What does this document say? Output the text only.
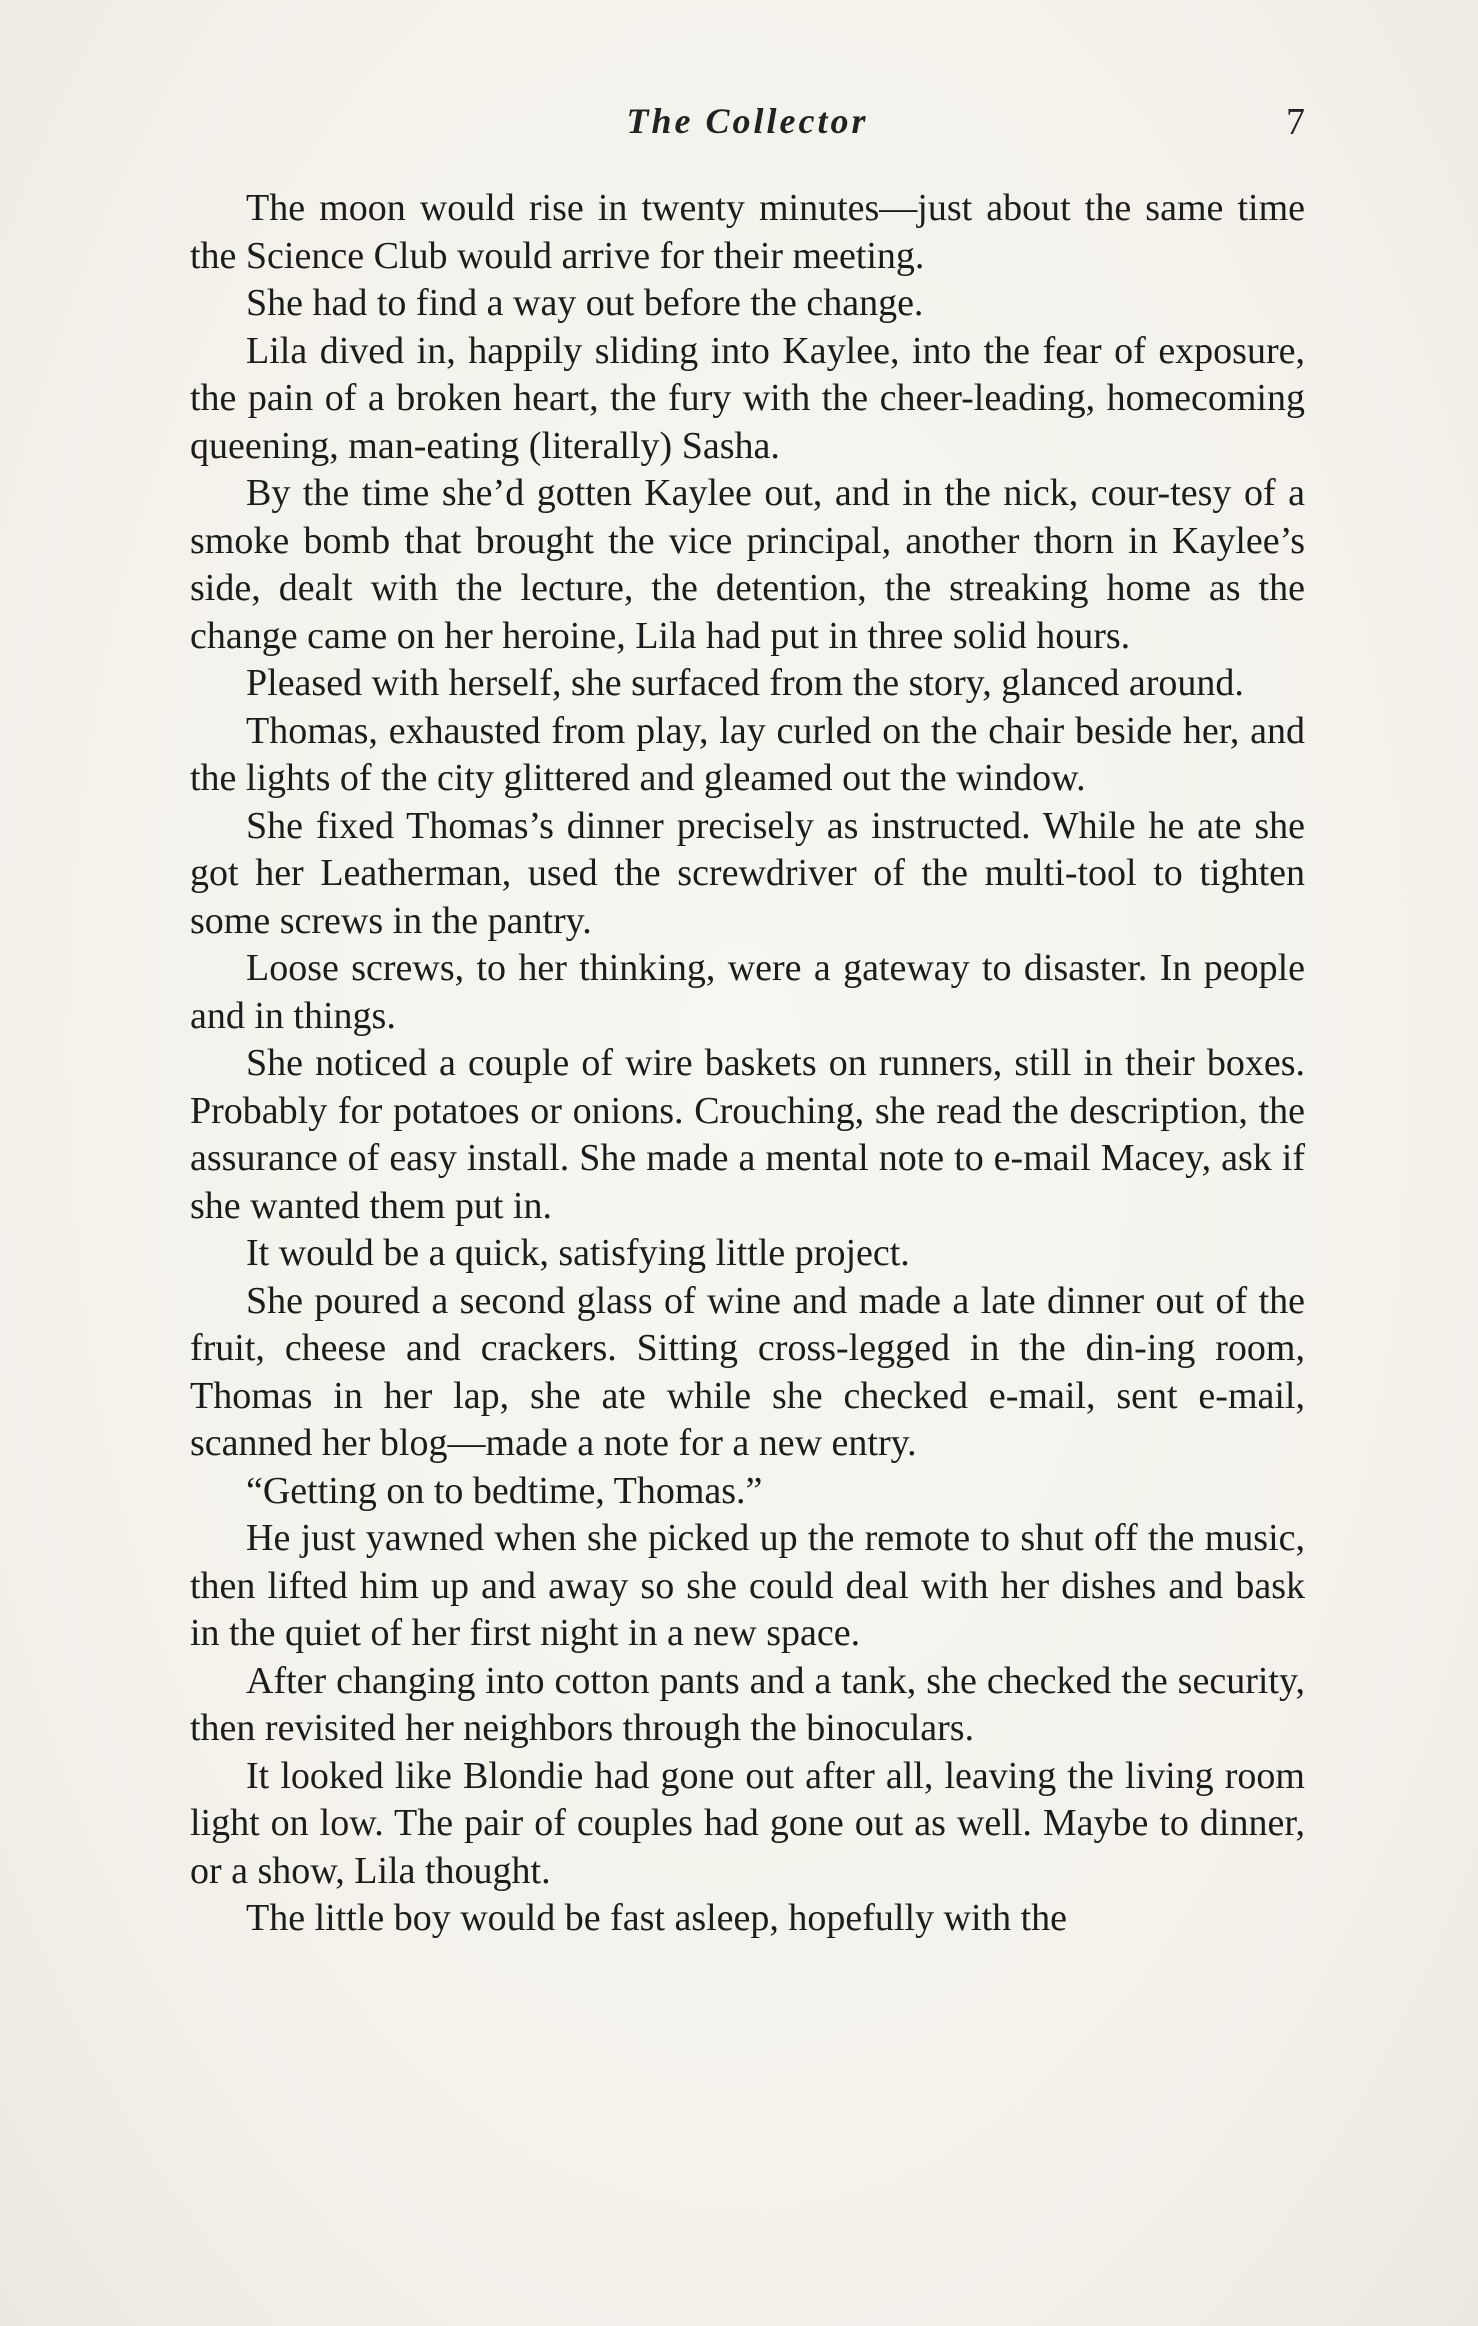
The Collector	7

The moon would rise in twenty minutes—just about the same time the Science Club would arrive for their meeting.

She had to find a way out before the change.

Lila dived in, happily sliding into Kaylee, into the fear of exposure, the pain of a broken heart, the fury with the cheer-leading, homecoming queening, man-eating (literally) Sasha.

By the time she’d gotten Kaylee out, and in the nick, cour-tesy of a smoke bomb that brought the vice principal, another thorn in Kaylee’s side, dealt with the lecture, the detention, the streaking home as the change came on her heroine, Lila had put in three solid hours.

Pleased with herself, she surfaced from the story, glanced around.

Thomas, exhausted from play, lay curled on the chair beside her, and the lights of the city glittered and gleamed out the window.

She fixed Thomas’s dinner precisely as instructed. While he ate she got her Leatherman, used the screwdriver of the multi-tool to tighten some screws in the pantry.

Loose screws, to her thinking, were a gateway to disaster. In people and in things.

She noticed a couple of wire baskets on runners, still in their boxes. Probably for potatoes or onions. Crouching, she read the description, the assurance of easy install. She made a mental note to e-mail Macey, ask if she wanted them put in.

It would be a quick, satisfying little project.

She poured a second glass of wine and made a late dinner out of the fruit, cheese and crackers. Sitting cross-legged in the din-ing room, Thomas in her lap, she ate while she checked e-mail, sent e-mail, scanned her blog—made a note for a new entry.

“Getting on to bedtime, Thomas.”

He just yawned when she picked up the remote to shut off the music, then lifted him up and away so she could deal with her dishes and bask in the quiet of her first night in a new space.

After changing into cotton pants and a tank, she checked the security, then revisited her neighbors through the binoculars.

It looked like Blondie had gone out after all, leaving the living room light on low. The pair of couples had gone out as well. Maybe to dinner, or a show, Lila thought.

The little boy would be fast asleep, hopefully with the
